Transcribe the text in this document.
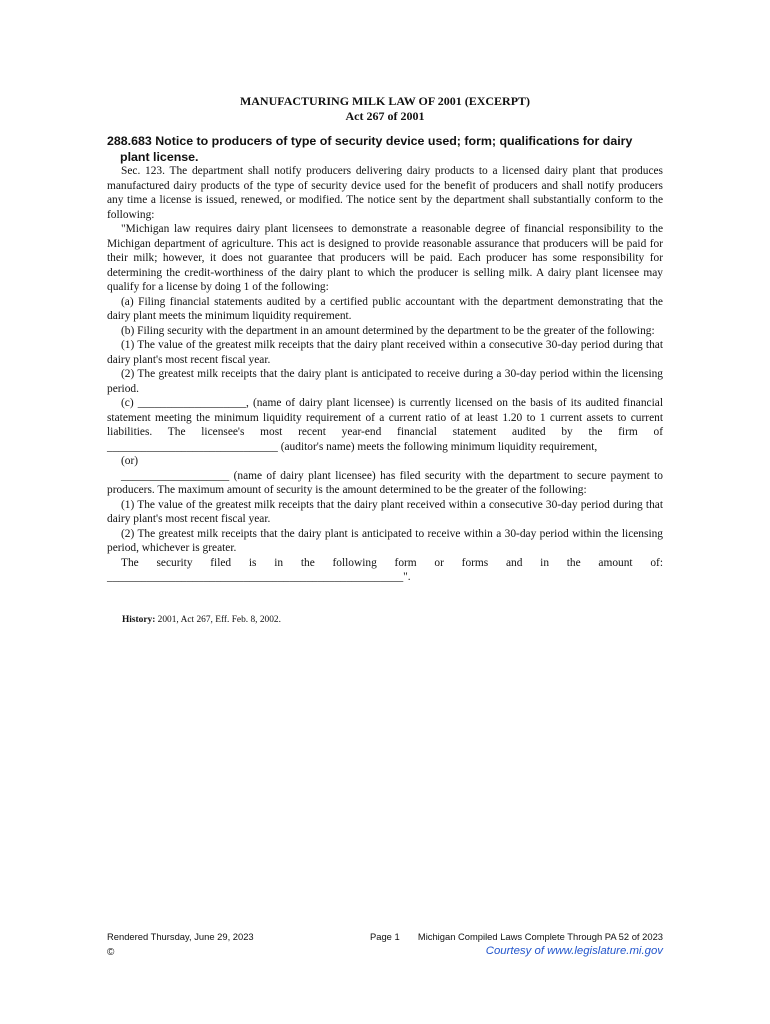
MANUFACTURING MILK LAW OF 2001 (EXCERPT)
Act 267 of 2001
288.683 Notice to producers of type of security device used; form; qualifications for dairy
plant license.

Sec. 123. The department shall notify producers delivering dairy products to a licensed dairy plant that produces manufactured dairy products of the type of security device used for the benefit of producers and shall notify producers any time a license is issued, renewed, or modified. The notice sent by the department shall substantially conform to the following:

"Michigan law requires dairy plant licensees to demonstrate a reasonable degree of financial responsibility to the Michigan department of agriculture. This act is designed to provide reasonable assurance that producers will be paid for their milk; however, it does not guarantee that producers will be paid. Each producer has some responsibility for determining the credit-worthiness of the dairy plant to which the producer is selling milk. A dairy plant licensee may qualify for a license by doing 1 of the following:

(a) Filing financial statements audited by a certified public accountant with the department demonstrating that the dairy plant meets the minimum liquidity requirement.

(b) Filing security with the department in an amount determined by the department to be the greater of the following:

(1) The value of the greatest milk receipts that the dairy plant received within a consecutive 30-day period during that dairy plant's most recent fiscal year.

(2) The greatest milk receipts that the dairy plant is anticipated to receive during a 30-day period within the licensing period.

(c) ___________________, (name of dairy plant licensee) is currently licensed on the basis of its audited financial statement meeting the minimum liquidity requirement of a current ratio of at least 1.20 to 1 current assets to current liabilities. The licensee's most recent year-end financial statement audited by the firm of ______________________________ (auditor's name) meets the following minimum liquidity requirement,

(or)

___________________ (name of dairy plant licensee) has filed security with the department to secure payment to producers. The maximum amount of security is the amount determined to be the greater of the following:

(1) The value of the greatest milk receipts that the dairy plant received within a consecutive 30-day period during that dairy plant's most recent fiscal year.

(2) The greatest milk receipts that the dairy plant is anticipated to receive within a 30-day period within the licensing period, whichever is greater.

The security filed is in the following form or forms and in the amount of:

____________________________________________________".

History: 2001, Act 267, Eff. Feb. 8, 2002.
Rendered Thursday, June 29, 2023	Page 1 Michigan Compiled Laws Complete Through PA 52 of 2023
©	Courtesy of www.legislature.mi.gov
